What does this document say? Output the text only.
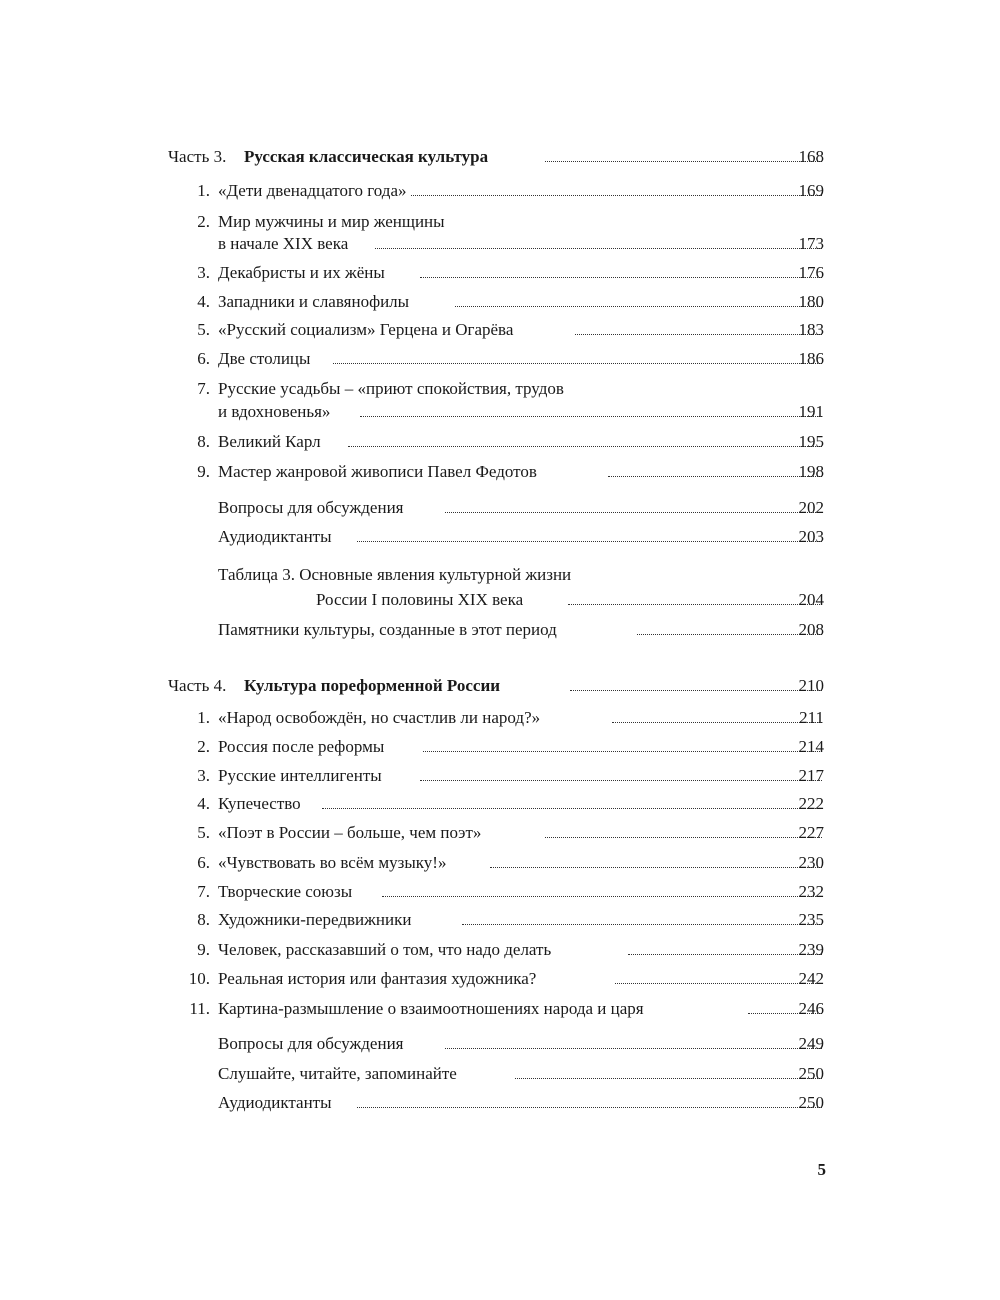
Часть 3. Русская классическая культура	168
1. «Дети двенадцатого года»	169
2. Мир мужчины и мир женщины
в начале XIX века	173
3. Декабристы и их жёны	176
4. Западники и славянофилы	180
5. «Русский социализм» Герцена и Огарёва	183
6. Две столицы	186
7. Русские усадьбы – «приют спокойствия, трудов
и вдохновенья»	191
8. Великий Карл	195
9. Мастер жанровой живописи Павел Федотов	198
Вопросы для обсуждения	202
Аудиодиктанты	203
Таблица 3. Основные явления культурной жизни
России I половины XIX века	204
Памятники культуры, созданные в этот период	208
Часть 4. Культура пореформенной России	210
1. «Народ освобождён, но счастлив ли народ?»	211
2. Россия после реформы	214
3. Русские интеллигенты	217
4. Купечество	222
5. «Поэт в России – больше, чем поэт»	227
6. «Чувствовать во всём музыку!»	230
7. Творческие союзы	232
8. Художники-передвижники	235
9. Человек, рассказавший о том, что надо делать	239
10. Реальная история или фантазия художника?	242
11. Картина-размышление о взаимоотношениях народа и царя	246
Вопросы для обсуждения	249
Слушайте, читайте, запоминайте	250
Аудиодиктанты	250
5
